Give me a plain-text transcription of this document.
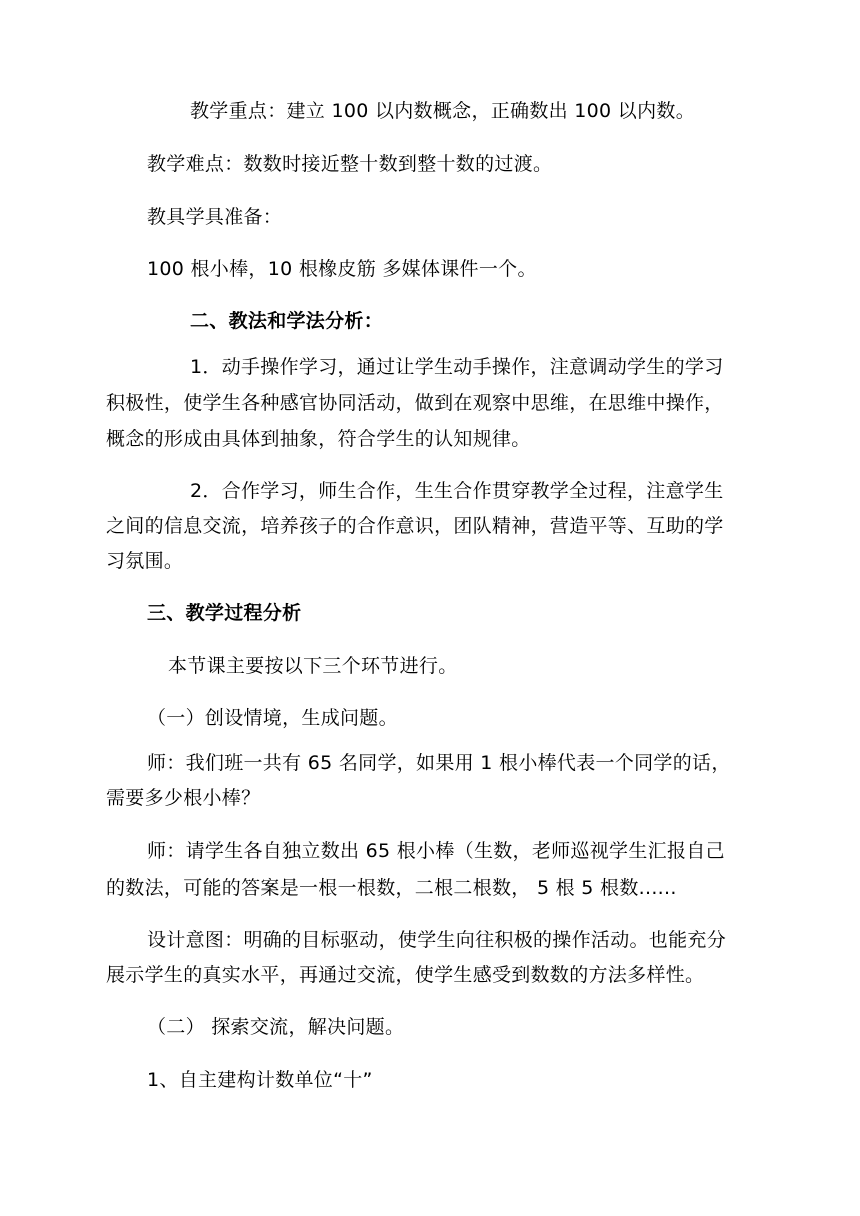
教学重点：建立 100 以内数概念，正确数出 100 以内数。
教学难点：数数时接近整十数到整十数的过渡。
教具学具准备：
100 根小棒，10 根橡皮筋 多媒体课件一个。
二、教法和学法分析：
1．动手操作学习，通过让学生动手操作，注意调动学生的学习
积极性，使学生各种感官协同活动，做到在观察中思维，在思维中操作，
概念的形成由具体到抽象，符合学生的认知规律。
2．合作学习，师生合作，生生合作贯穿教学全过程，注意学生
之间的信息交流，培养孩子的合作意识，团队精神，营造平等、互助的学
习氛围。
三、教学过程分析
本节课主要按以下三个环节进行。
（一）创设情境，生成问题。
师：我们班一共有 65 名同学，如果用 1 根小棒代表一个同学的话，
需要多少根小棒？
师：请学生各自独立数出 65 根小棒（生数，老师巡视学生汇报自己
的数法，可能的答案是一根一根数，二根二根数， 5 根 5 根数......
设计意图：明确的目标驱动，使学生向往积极的操作活动。也能充分
展示学生的真实水平，再通过交流，使学生感受到数数的方法多样性。
（二） 探索交流，解决问题。
1、自主建构计数单位“十”
